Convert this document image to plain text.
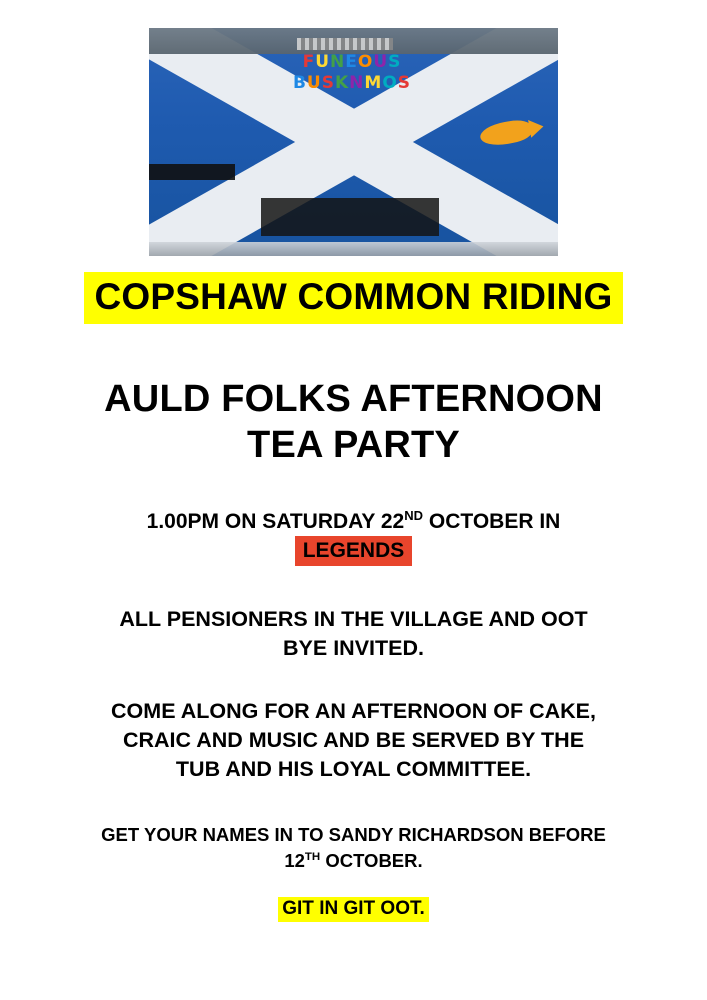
FUNEOUS
BUSKNMOS
COPSHAW COMMON RIDING
AULD FOLKS AFTERNOON
TEA PARTY
1.00PM ON SATURDAY 22ND OCTOBER IN
LEGENDS
ALL PENSIONERS IN THE VILLAGE AND OOT
BYE INVITED.
COME ALONG FOR AN AFTERNOON OF CAKE,
CRAIC AND MUSIC AND BE SERVED BY THE
TUB AND HIS LOYAL COMMITTEE.
GET YOUR NAMES IN TO SANDY RICHARDSON BEFORE
12TH OCTOBER.
GIT IN GIT OOT.
